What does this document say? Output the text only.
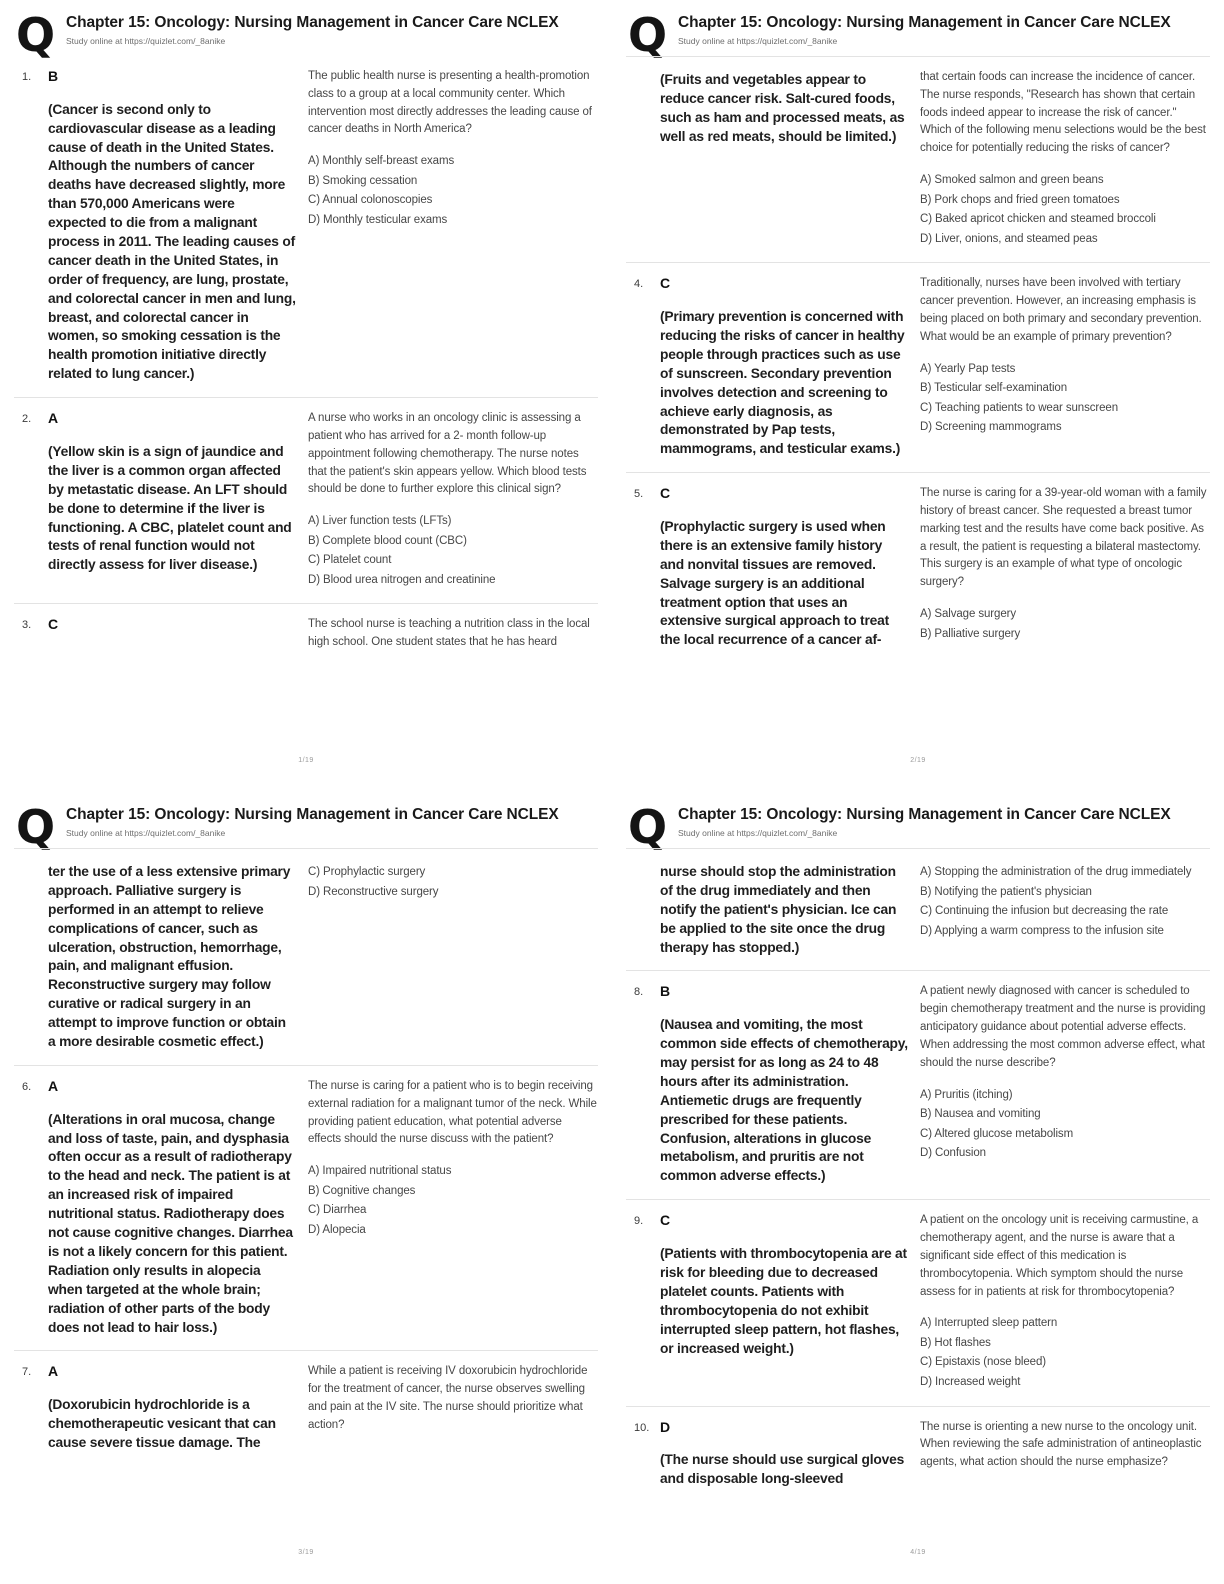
Q Chapter 15: Oncology: Nursing Management in Cancer Care NCLEX
Study online at https://quizlet.com/_8anike
1.	B
(Cancer is second only to cardiovascular disease as a leading cause of death in the United States. Although the numbers of cancer deaths have decreased slightly, more than 570,000 Americans were expected to die from a malignant process in 2011. The leading causes of cancer death in the United States, in order of frequency, are lung, prostate, and colorectal cancer in men and lung, breast, and colorectal cancer in women, so smoking cessation is the health promotion initiative directly related to lung cancer.)
The public health nurse is presenting a health-promotion class to a group at a local community center. Which intervention most directly addresses the leading cause of cancer deaths in North America?
A) Monthly self-breast exams
B) Smoking cessation
C) Annual colonoscopies
D) Monthly testicular exams
2.	A
(Yellow skin is a sign of jaundice and the liver is a common organ affected by metastatic disease. An LFT should be done to determine if the liver is functioning. A CBC, platelet count and tests of renal function would not directly assess for liver disease.)
A nurse who works in an oncology clinic is assessing a patient who has arrived for a 2- month follow-up appointment following chemotherapy. The nurse notes that the patient's skin appears yellow. Which blood tests should be done to further explore this clinical sign?
A) Liver function tests (LFTs)
B) Complete blood count (CBC)
C) Platelet count
D) Blood urea nitrogen and creatinine
3.	C	The school nurse is teaching a nutrition class in the local high school. One student states that he has heard
1/19
Q Chapter 15: Oncology: Nursing Management in Cancer Care NCLEX
Study online at https://quizlet.com/_8anike
(Fruits and vegetables appear to reduce cancer risk. Salt-cured foods, such as ham and processed meats, as well as red meats, should be limited.)
that certain foods can increase the incidence of cancer. The nurse responds, "Research has shown that certain foods indeed appear to increase the risk of cancer." Which of the following menu selections would be the best choice for potentially reducing the risks of cancer?
A) Smoked salmon and green beans
B) Pork chops and fried green tomatoes
C) Baked apricot chicken and steamed broccoli
D) Liver, onions, and steamed peas
4.	C
(Primary prevention is concerned with reducing the risks of cancer in healthy people through practices such as use of sunscreen. Secondary prevention involves detection and screening to achieve early diagnosis, as demonstrated by Pap tests, mammograms, and testicular exams.)
Traditionally, nurses have been involved with tertiary cancer prevention. However, an increasing emphasis is being placed on both primary and secondary prevention. What would be an example of primary prevention?
A) Yearly Pap tests
B) Testicular self-examination
C) Teaching patients to wear sunscreen
D) Screening mammograms
5.	C
(Prophylactic surgery is used when there is an extensive family history and nonvital tissues are removed. Salvage surgery is an additional treatment option that uses an extensive surgical approach to treat the local recurrence of a cancer af-
The nurse is caring for a 39-year-old woman with a family history of breast cancer. She requested a breast tumor marking test and the results have come back positive. As a result, the patient is requesting a bilateral mastectomy. This surgery is an example of what type of oncologic surgery?
A) Salvage surgery
B) Palliative surgery
2/19
Q Chapter 15: Oncology: Nursing Management in Cancer Care NCLEX
Study online at https://quizlet.com/_8anike
ter the use of a less extensive primary approach. Palliative surgery is performed in an attempt to relieve complications of cancer, such as ulceration, obstruction, hemorrhage, pain, and malignant effusion. Reconstructive surgery may follow curative or radical surgery in an attempt to improve function or obtain a more desirable cosmetic effect.)
C) Prophylactic surgery
D) Reconstructive surgery
6.	A
(Alterations in oral mucosa, change and loss of taste, pain, and dysphasia often occur as a result of radiotherapy to the head and neck. The patient is at an increased risk of impaired nutritional status. Radiotherapy does not cause cognitive changes. Diarrhea is not a likely concern for this patient. Radiation only results in alopecia when targeted at the whole brain; radiation of other parts of the body does not lead to hair loss.)
The nurse is caring for a patient who is to begin receiving external radiation for a malignant tumor of the neck. While providing patient education, what potential adverse effects should the nurse discuss with the patient?
A) Impaired nutritional status
B) Cognitive changes
C) Diarrhea
D) Alopecia
7.	A
(Doxorubicin hydrochloride is a chemotherapeutic vesicant that can cause severe tissue damage. The
While a patient is receiving IV doxorubicin hydrochloride for the treatment of cancer, the nurse observes swelling and pain at the IV site. The nurse should prioritize what action?
3/19
Q Chapter 15: Oncology: Nursing Management in Cancer Care NCLEX
Study online at https://quizlet.com/_8anike
nurse should stop the administration of the drug immediately and then notify the patient's physician. Ice can be applied to the site once the drug therapy has stopped.)
A) Stopping the administration of the drug immediately
B) Notifying the patient's physician
C) Continuing the infusion but decreasing the rate
D) Applying a warm compress to the infusion site
8.	B
(Nausea and vomiting, the most common side effects of chemotherapy, may persist for as long as 24 to 48 hours after its administration. Antiemetic drugs are frequently prescribed for these patients. Confusion, alterations in glucose metabolism, and pruritis are not common adverse effects.)
A patient newly diagnosed with cancer is scheduled to begin chemotherapy treatment and the nurse is providing anticipatory guidance about potential adverse effects. When addressing the most common adverse effect, what should the nurse describe?
A) Pruritis (itching)
B) Nausea and vomiting
C) Altered glucose metabolism
D) Confusion
9.	C
(Patients with thrombocytopenia are at risk for bleeding due to decreased platelet counts. Patients with thrombocytopenia do not exhibit interrupted sleep pattern, hot flashes, or increased weight.)
A patient on the oncology unit is receiving carmustine, a chemotherapy agent, and the nurse is aware that a significant side effect of this medication is thrombocytopenia. Which symptom should the nurse assess for in patients at risk for thrombocytopenia?
A) Interrupted sleep pattern
B) Hot flashes
C) Epistaxis (nose bleed)
D) Increased weight
10. D
(The nurse should use surgical gloves and disposable long-sleeved
The nurse is orienting a new nurse to the oncology unit. When reviewing the safe administration of antineoplastic agents, what action should the nurse emphasize?
4/19
